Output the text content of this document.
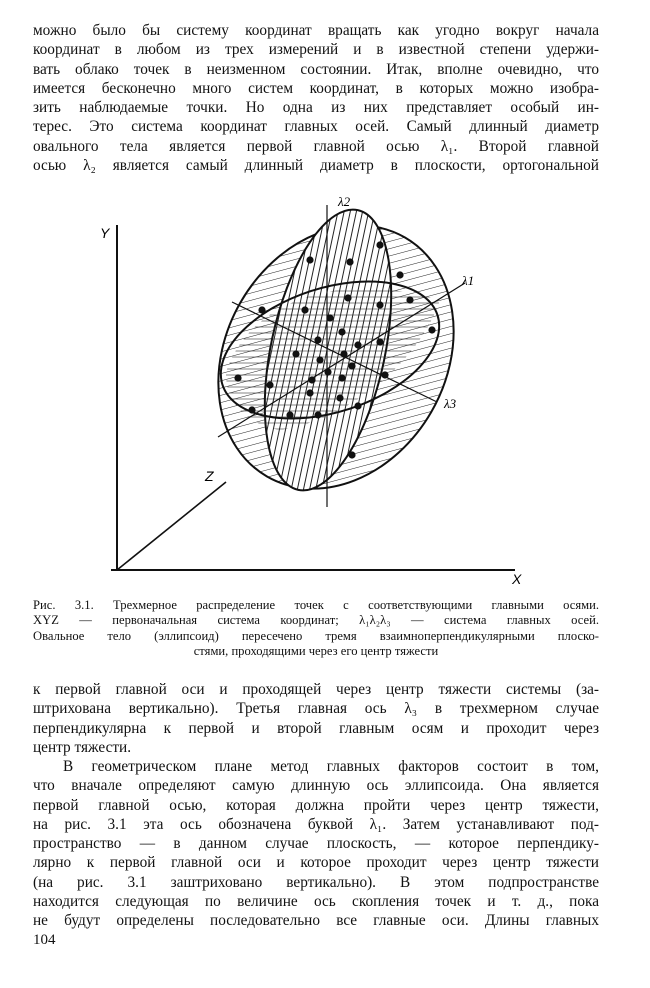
можно было бы систему координат вращать как угодно вокруг начала
координат в любом из трех измерений и в известной степени удержи-
вать облако точек в неизменном состоянии. Итак, вполне очевидно, что
имеется бесконечно много систем координат, в которых можно изобра-
зить наблюдаемые точки. Но одна из них представляет особый ин-
терес. Это система координат главных осей. Самый длинный диаметр
овального тела является первой главной осью λ₁. Второй главной
осью λ₂ является самый длинный диаметр в плоскости, ортогональной
Y
X
Z
λ1
λ2
λ3
Рис. 3.1. Трехмерное распределение точек с соответствующими главными осями.
XYZ — первоначальная система координат; λ₁λ₂λ₃ — система главных осей.
Овальное тело (эллипсоид) пересечено тремя взаимноперпендикулярными плоско-
стями, проходящими через его центр тяжести
к первой главной оси и проходящей через центр тяжести системы (за-
штрихована вертикально). Третья главная ось λ₃ в трехмерном случае
перпендикулярна к первой и второй главным осям и проходит через
центр тяжести.
В геометрическом плане метод главных факторов состоит в том,
что вначале определяют самую длинную ось эллипсоида. Она является
первой главной осью, которая должна пройти через центр тяжести,
на рис. 3.1 эта ось обозначена буквой λ₁. Затем устанавливают под-
пространство — в данном случае плоскость, — которое перпендику-
лярно к первой главной оси и которое проходит через центр тяжести
(на рис. 3.1 заштриховано вертикально). В этом подпространстве
находится следующая по величине ось скопления точек и т. д., пока
не будут определены последовательно все главные оси. Длины главных
104
